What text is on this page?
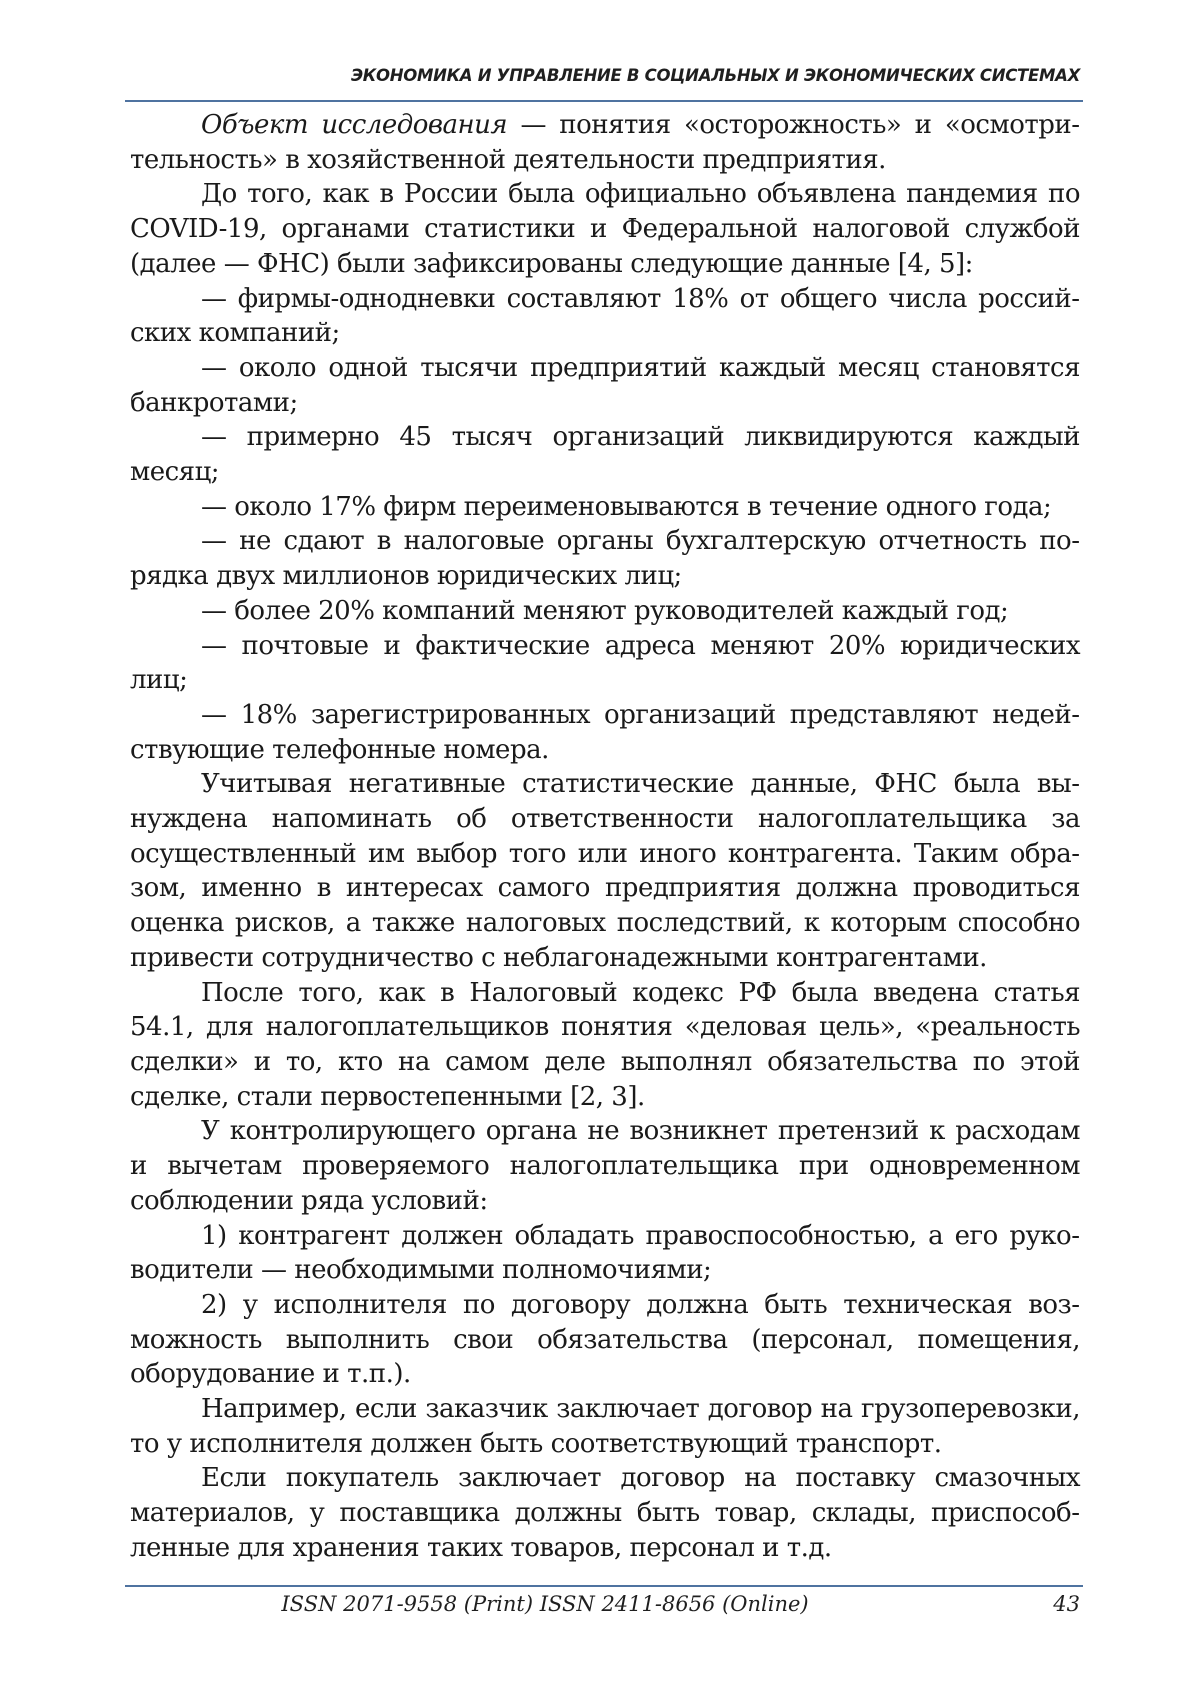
ЭКОНОМИКА И УПРАВЛЕНИЕ В СОЦИАЛЬНЫХ И ЭКОНОМИЧЕСКИХ СИСТЕМАХ

Объект исследования — понятия «осторожность» и «осмотрительность» в хозяйственной деятельности предприятия.

До того, как в России была официально объявлена пандемия по COVID-19, органами статистики и Федеральной налоговой службой (далее — ФНС) были зафиксированы следующие данные [4, 5]:

— фирмы-однодневки составляют 18% от общего числа российских компаний;

— около одной тысячи предприятий каждый месяц становятся банкротами;

— примерно 45 тысяч организаций ликвидируются каждый месяц;

— около 17% фирм переименовываются в течение одного года;

— не сдают в налоговые органы бухгалтерскую отчетность порядка двух миллионов юридических лиц;

— более 20% компаний меняют руководителей каждый год;

— почтовые и фактические адреса меняют 20% юридических лиц;

— 18% зарегистрированных организаций представляют недействующие телефонные номера.

Учитывая негативные статистические данные, ФНС была вынуждена напоминать об ответственности налогоплательщика за осуществленный им выбор того или иного контрагента. Таким образом, именно в интересах самого предприятия должна проводиться оценка рисков, а также налоговых последствий, к которым способно привести сотрудничество с неблагонадежными контрагентами.

После того, как в Налоговый кодекс РФ была введена статья 54.1, для налогоплательщиков понятия «деловая цель», «реальность сделки» и то, кто на самом деле выполнял обязательства по этой сделке, стали первостепенными [2, 3].

У контролирующего органа не возникнет претензий к расходам и вычетам проверяемого налогоплательщика при одновременном соблюдении ряда условий:

1) контрагент должен обладать правоспособностью, а его руководители — необходимыми полномочиями;

2) у исполнителя по договору должна быть техническая возможность выполнить свои обязательства (персонал, помещения, оборудование и т.п.).

Например, если заказчик заключает договор на грузоперевозки, то у исполнителя должен быть соответствующий транспорт.

Если покупатель заключает договор на поставку смазочных материалов, у поставщика должны быть товар, склады, приспособленные для хранения таких товаров, персонал и т.д.

ISSN 2071-9558 (Print) ISSN 2411-8656 (Online)	43
